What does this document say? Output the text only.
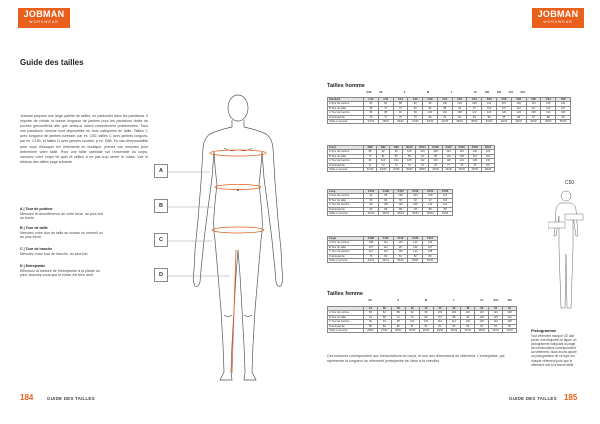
JOBMAN
WORKWEAR
Guide des tailles
Jobman propose une large palette de tailles, en particulier dans les pantalons. Il importe de choisir la bonne longueur de jambes pour les pantalons dotés de poches genouillères afin que celles-ci soient correctement positionnées. Tous nos pantalons homme sont disponibles en trois catégories de taille. Tailles C avec longueur de jambes normale, par ex. C50, tailles C avec jambes longues, par ex. C150, et tailles D avec jambes courtes, p ex. D88. En cas d'impossibilité pour vous d'essayer les vêtements en boutique, prenez vos mesures pour déterminer votre taille. Pour une taille optimale sur l'ensemble du corps, mesurez votre corps tel quel et veillez à ne pas trop serrer le ruban. Voir le tableau des tailles page suivante.
A | Tour de poitrine
Mesurez la circonférence de votre torse, au plus fort du buste.
B | Tour de taille
Mesurez votre tour de taille au niveau du nombril ou au plus étroit.
C | Tour de hanche
Mesurez votre tour de hanche, au plus fort.
D | Entrejambe
Effectuez la mesure de l'entrejambe à la plante du pied. Assurez-vous que le ruban est bien droit.
A
B
C
D
184	GUIDE DES TAILLES
JOBMAN
WORKWEAR
Tailles homme
	XXS	XS		S		M		L		XL	XXL	3XL	4XL	5XL
Standard	C40	C42	C44	C46	C48	C50	C52	C54	C56	C58	C60	C62	C64	C66
A Tour de poitrine	80	84	88	92	96	100	104	108	112	116	120	124	128	132
B Tour de taille	68	72	76	80	84	88	92	97	102	107	112	117	122	127
C Tour de hanche	84	88	92	96	100	104	108	112	116	120	124	128	132	136
D Entrejambe	76	77	78	79	80	81	82	83	84	85	86	87	88	89
Taille en pouces	27/32	28/32	29/32	31/32	33/32	34/32	36/32	38/32	40/32	42/32	44/32	46/32	48/32	50/32
Court	D88	D92	D96	D100	D104	D108	D112	D116	D120	D124
A Tour de poitrine	88	92	96	100	104	108	112	116	120	124
B Tour de taille	77	81	85	89	93	98	103	108	113	118
C Tour de hanche	96	100	104	108	112	116	120	124	128	132
D Entrejambe	71	72	73	74	75	76	77	78	79	80
Taille en pouces	31/30	33/30	34/30	36/30	38/30	40/30	42/30	44/30	46/30	48/30
Long	C146	C148	C150	C152	C154	C156
A Tour de poitrine	92	96	100	104	108	112
B Tour de taille	80	84	88	92	97	102
C Tour de hanche	96	100	104	108	112	116
D Entrejambe	84	85	86	87	88	89
Taille en pouces	31/34	33/34	34/34	36/34	38/34	40/34
Large	F108	F112	F116	F120	F124
A Tour de poitrine	108	112	116	120	124
B Tour de taille	107	112	117	122	127
C Tour de hanche	112	116	120	124	128
D Entrejambe	79	80	81	82	83
Taille en pouces	42/31	44/31	46/31	48/31	50/31
Tailles femme
	XS		S		M		L		XL	XXL	3XL
	34	36	38	40	42	44	46	48	50	52	54
A Tour de poitrine	80	84	88	92	96	100	104	110	116	122	128
B Tour de taille	64	68	72	76	80	84	88	94	100	106	112
C Tour de hanche	90	94	98	102	106	110	114	120	126	132	138
D Entrejambe	80	80	80	81	81	81	82	82	82	83	83
Taille en pouces	25/32	27/32	28/32	30/32	32/32	33/32	35/32	37/32	39/32	41/32	44/32
Ces mesures correspondent aux mensurations du corps, et non aux dimensions du vêtement. L'entrejambe, qui représente la longueur du vêtement (entrejambe de l'aine à la cheville).
C50
Pictogramme
Tout vêtement marqué CE doit porter une étiquette où figure un pictogramme indiquant la plage de mensurations correspondant au vêtement. Nous avons ajouté un pictogramme de ce type sur chaque vêtement pour que le vêtement soit à la bonne taille.
GUIDE DES TAILLES 185
